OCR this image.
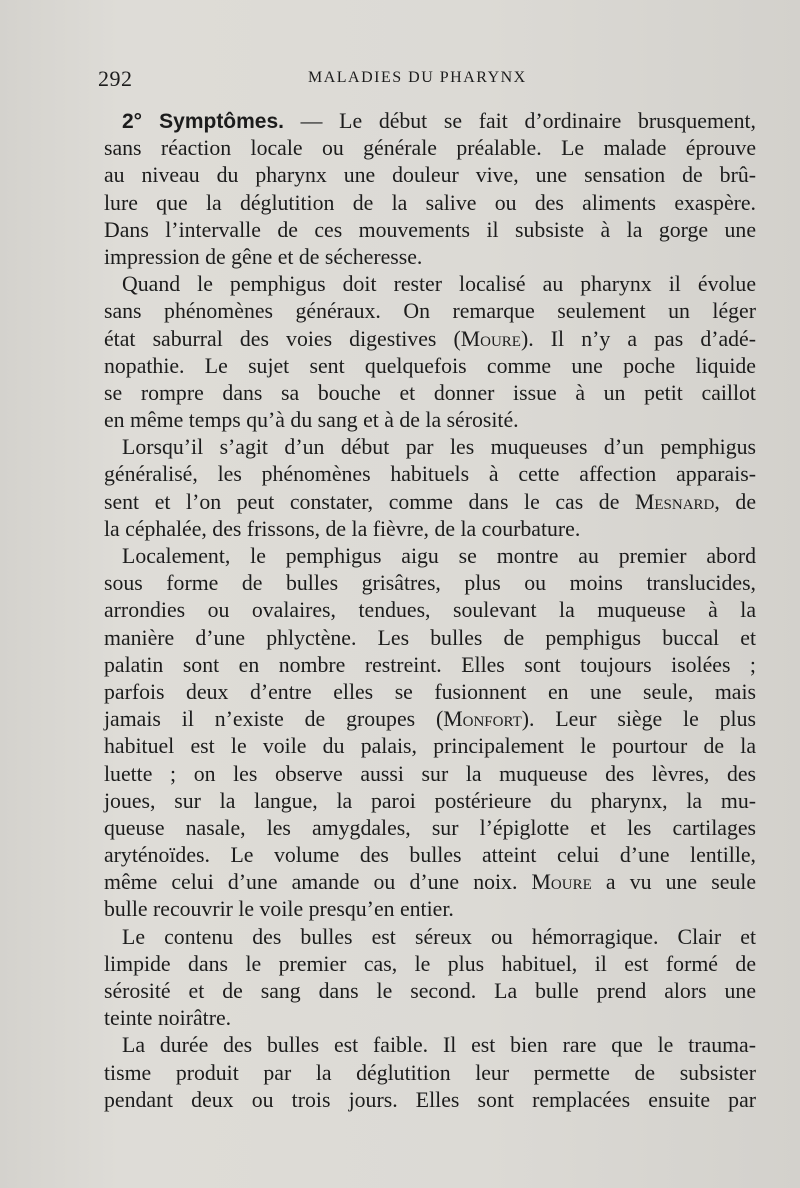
292	MALADIES DU PHARYNX
2° Symptômes. — Le début se fait d’ordinaire brusquement,
sans réaction locale ou générale préalable. Le malade éprouve
au niveau du pharynx une douleur vive, une sensation de brû-
lure que la déglutition de la salive ou des aliments exaspère.
Dans l’intervalle de ces mouvements il subsiste à la gorge une
impression de gêne et de sécheresse.
Quand le pemphigus doit rester localisé au pharynx il évolue
sans phénomènes généraux. On remarque seulement un léger
état saburral des voies digestives (Moure). Il n’y a pas d’adé-
nopathie. Le sujet sent quelquefois comme une poche liquide
se rompre dans sa bouche et donner issue à un petit caillot
en même temps qu’à du sang et à de la sérosité.
Lorsqu’il s’agit d’un début par les muqueuses d’un pemphigus
généralisé, les phénomènes habituels à cette affection apparais-
sent et l’on peut constater, comme dans le cas de Mesnard, de
la céphalée, des frissons, de la fièvre, de la courbature.
Localement, le pemphigus aigu se montre au premier abord
sous forme de bulles grisâtres, plus ou moins translucides,
arrondies ou ovalaires, tendues, soulevant la muqueuse à la
manière d’une phlyctène. Les bulles de pemphigus buccal et
palatin sont en nombre restreint. Elles sont toujours isolées ;
parfois deux d’entre elles se fusionnent en une seule, mais
jamais il n’existe de groupes (Monfort). Leur siège le plus
habituel est le voile du palais, principalement le pourtour de la
luette ; on les observe aussi sur la muqueuse des lèvres, des
joues, sur la langue, la paroi postérieure du pharynx, la mu-
queuse nasale, les amygdales, sur l’épiglotte et les cartilages
aryténoïdes. Le volume des bulles atteint celui d’une lentille,
même celui d’une amande ou d’une noix. Moure a vu une seule
bulle recouvrir le voile presqu’en entier.
Le contenu des bulles est séreux ou hémorragique. Clair et
limpide dans le premier cas, le plus habituel, il est formé de
sérosité et de sang dans le second. La bulle prend alors une
teinte noirâtre.
La durée des bulles est faible. Il est bien rare que le trauma-
tisme produit par la déglutition leur permette de subsister
pendant deux ou trois jours. Elles sont remplacées ensuite par
